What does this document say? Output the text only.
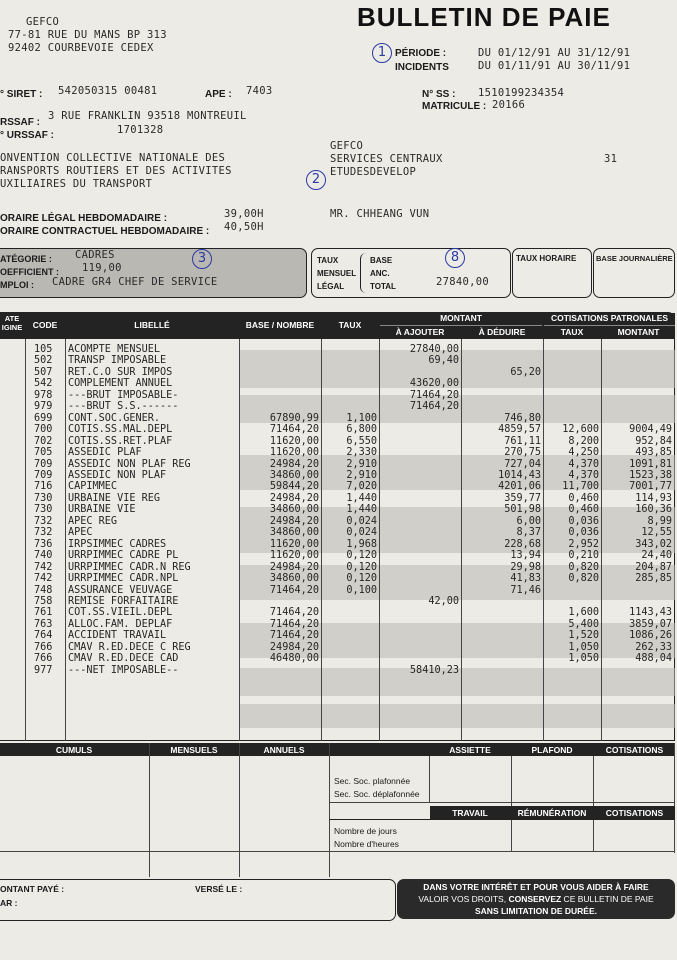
BULLETIN DE PAIE
GEFCO
77-81 RUE DU MANS BP 313
92402 COURBEVOIE CEDEX	1 PÉRIODE :
INCIDENTS
DU 01/12/91 AU 31/12/91
DU 01/11/91 AU 30/11/91
° SIRET : 542050315 00481	APE : 7403	N° SS : 1510199234354
MATRICULE : 20166
RSSAF :
3 RUE FRANKLIN 93518 MONTREUIL
° URSSAF :	1701328
GEFCO
SERVICES CENTRAUX
ETUDESDEVELOP
31
2
ONVENTION COLLECTIVE NATIONALE DES
RANSPORTS ROUTIERS ET DES ACTIVITES
UXILIAIRES DU TRANSPORT
ORAIRE LÉGAL HEBDOMADAIRE :	39,00H
ORAIRE CONTRACTUEL HEBDOMADAIRE : 40,50H
MR. CHHEANG VUN
ATÉGORIE : CADRES
OEFFICIENT : 119,00
MPLOI : CADRE GR4 CHEF DE SERVICE
3	TAUX
MENSUEL
LÉGAL
BASE
ANC.
TOTAL	27840,00
8	TAUX HORAIRE	BASE JOURNALIÈRE
ATE
IGINE	CODE	LIBELLÉ	BASE / NOMBRE	TAUX
MONTANT
À AJOUTER	À DÉDUIRE
COTISATIONS PATRONALES
TAUX	MONTANT
	105	ACOMPTE MENSUEL			27840,00			
	502	TRANSP IMPOSABLE			69,40			
	507	RET.C.O SUR IMPOS				65,20		
	542	COMPLEMENT ANNUEL			43620,00			
	978	---BRUT IMPOSABLE-			71464,20			
	979	---BRUT S.S.------			71464,20			
	699	CONT.SOC.GENER.	67890,99	1,100		746,80		
	700	COTIS.SS.MAL.DEPL	71464,20	6,800		4859,57	12,600	9004,49
	702	COTIS.SS.RET.PLAF	11620,00	6,550		761,11	8,200	952,84
	705	ASSEDIC PLAF	11620,00	2,330		270,75	4,250	493,85
	709	ASSEDIC NON PLAF REG	24984,20	2,910		727,04	4,370	1091,81
	709	ASSEDIC NON PLAF	34860,00	2,910		1014,43	4,370	1523,38
	716	CAPIMMEC	59844,20	7,020		4201,06	11,700	7001,77
	730	URBAINE VIE REG	24984,20	1,440		359,77	0,460	114,93
	730	URBAINE VIE	34860,00	1,440		501,98	0,460	160,36
	732	APEC REG	24984,20	0,024		6,00	0,036	8,99
	732	APEC	34860,00	0,024		8,37	0,036	12,55
	736	IRPSIMMEC CADRES	11620,00	1,968		228,68	2,952	343,02
	740	URRPIMMEC CADRE PL	11620,00	0,120		13,94	0,210	24,40
	742	URRPIMMEC CADR.N REG	24984,20	0,120		29,98	0,820	204,87
	742	URRPIMMEC CADR.NPL	34860,00	0,120		41,83	0,820	285,85
	748	ASSURANCE VEUVAGE	71464,20	0,100		71,46		
	758	REMISE FORFAITAIRE			42,00			
	761	COT.SS.VIEIL.DEPL	71464,20				1,600	1143,43
	763	ALLOC.FAM. DEPLAF	71464,20				5,400	3859,07
	764	ACCIDENT TRAVAIL	71464,20				1,520	1086,26
	766	CMAV R.ED.DECE C REG	24984,20				1,050	262,33
	766	CMAV R.ED.DECE CAD	46480,00				1,050	488,04
	977	---NET IMPOSABLE--			58410,23			
CUMULS	MENSUELS	ANNUELS	ASSIETTE	PLAFOND	COTISATIONS
Sec. Soc. plafonnée
Sec. Soc. déplafonnée
TRAVAIL	RÉMUNÉRATION	COTISATIONS
Nombre de jours
Nombre d'heures
ONTANT PAYÉ :	VERSÉ LE :
AR :
DANS VOTRE INTÉRÊT ET POUR VOUS AIDER À FAIRE
VALOIR VOS DROITS, CONSERVEZ CE BULLETIN DE PAIE
SANS LIMITATION DE DURÉE.
